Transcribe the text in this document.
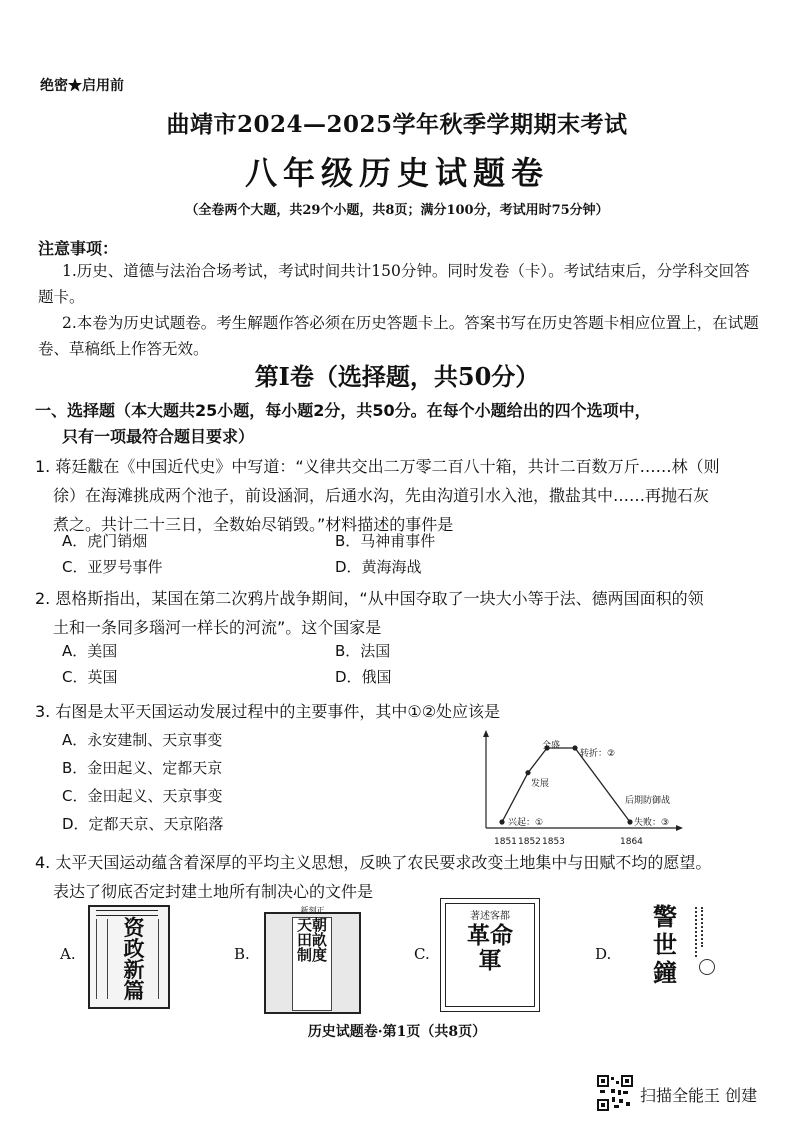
绝密★启用前
曲靖市2024—2025学年秋季学期期末考试
八年级历史试题卷
（全卷两个大题，共29个小题，共8页；满分100分，考试用时75分钟）
注意事项：
1.历史、道德与法治合场考试，考试时间共计150分钟。同时发卷（卡）。考试结束后，分学科交回答题卡。
2.本卷为历史试题卷。考生解题作答必须在历史答题卡上。答案书写在历史答题卡相应位置上，在试题卷、草稿纸上作答无效。
第Ⅰ卷（选择题，共50分）
一、选择题（本大题共25小题，每小题2分，共50分。在每个小题给出的四个选项中，
只有一项最符合题目要求）
1. 蒋廷黻在《中国近代史》中写道：“义律共交出二万零二百八十箱，共计二百数万斤……林（则
徐）在海滩挑成两个池子，前设涵洞，后通水沟，先由沟道引水入池，撒盐其中……再抛石灰
煮之。共计二十三日，全数始尽销毁。”材料描述的事件是
A．虎门销烟	B．马神甫事件
C．亚罗号事件	D．黄海海战
2. 恩格斯指出，某国在第二次鸦片战争期间，“从中国夺取了一块大小等于法、德两国面积的领
土和一条同多瑙河一样长的河流”。这个国家是
A．美国	B．法国
C．英国	D．俄国
3. 右图是太平天国运动发展过程中的主要事件，其中①②处应该是
A．永安建制、天京事变
B．金田起义、定都天京
C．金田起义、天京事变
D．定都天京、天京陷落	兴起：①
发展
全盛
转折：②
后期防御战
失败：③
1851 1852 1853	1864
4. 太平天国运动蕴含着深厚的平均主义思想，反映了农民要求改变土地集中与田赋不均的愿望。
表达了彻底否定封建土地所有制决心的文件是
A.
资政新篇
B.
新刻正
天朝田畝制度	C.
著述客都
革命軍	D.
警世鐘
历史试题卷·第1页（共8页）
扫描全能王 创建
